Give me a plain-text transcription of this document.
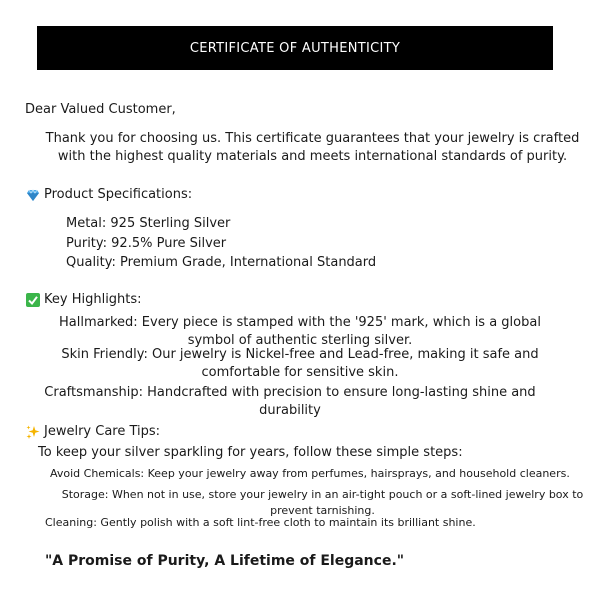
CERTIFICATE OF AUTHENTICITY
Dear Valued Customer,
Thank you for choosing us. This certificate guarantees that your jewelry is crafted with the highest quality materials and meets international standards of purity.
Product Specifications:
Metal: 925 Sterling Silver
Purity: 92.5% Pure Silver
Quality: Premium Grade, International Standard
Key Highlights:
Hallmarked: Every piece is stamped with the '925' mark, which is a global symbol of authentic sterling silver.
Skin Friendly: Our jewelry is Nickel-free and Lead-free, making it safe and comfortable for sensitive skin.
Craftsmanship: Handcrafted with precision to ensure long-lasting shine and durability
Jewelry Care Tips:
To keep your silver sparkling for years, follow these simple steps:
Avoid Chemicals: Keep your jewelry away from perfumes, hairsprays, and household cleaners.
Storage: When not in use, store your jewelry in an air-tight pouch or a soft-lined jewelry box to prevent tarnishing.
Cleaning: Gently polish with a soft lint-free cloth to maintain its brilliant shine.
"A Promise of Purity, A Lifetime of Elegance."
